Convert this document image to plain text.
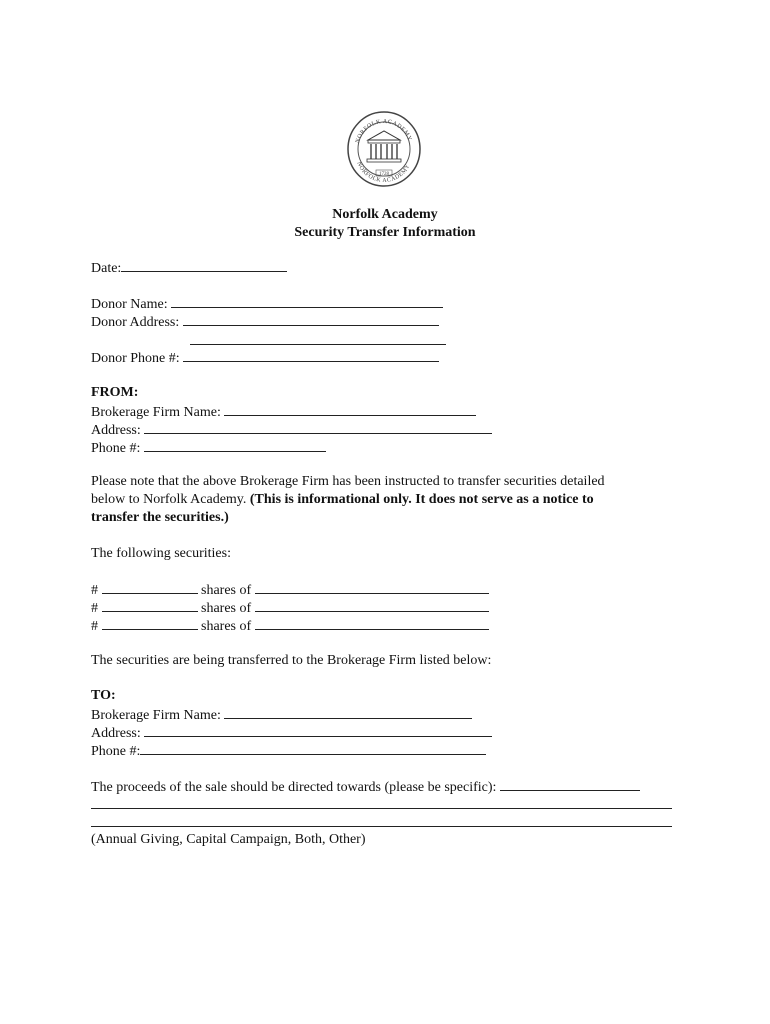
NORFOLK ACADEMY
NORFOLK ACADEMY
1728
Norfolk Academy
Security Transfer Information
Date:
Donor Name:
Donor Address:
Donor Phone #:
FROM:
Brokerage Firm Name:
Address:
Phone #:
Please note that the above Brokerage Firm has been instructed to transfer securities detailed
below to Norfolk Academy. (This is informational only. It does not serve as a notice to
transfer the securities.)
The following securities:
#	shares of
#	shares of
#	shares of
The securities are being transferred to the Brokerage Firm listed below:
TO:
Brokerage Firm Name:
Address:
Phone #:
The proceeds of the sale should be directed towards (please be specific):
(Annual Giving, Capital Campaign, Both, Other)
